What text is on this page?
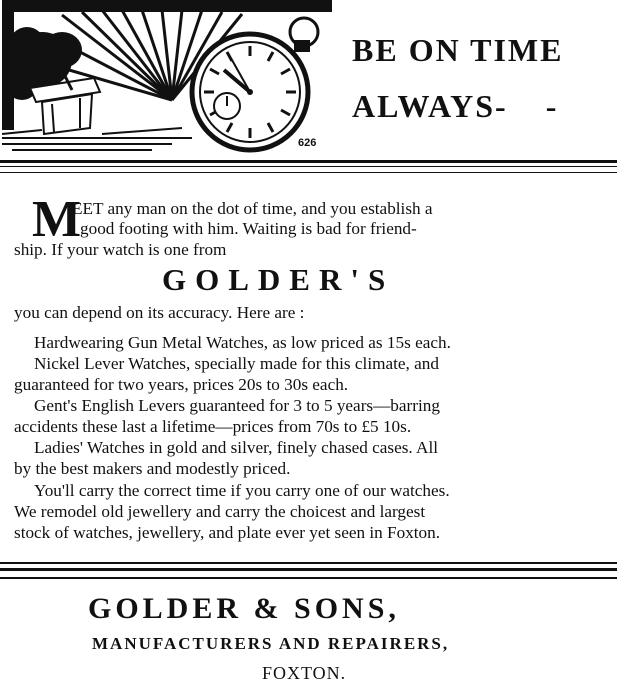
626
BE ON TIME
ALWAYS- -
M
EET any man on the dot of time, and you establish a
good footing with him. Waiting is bad for friend-
ship. If your watch is one from
GOLDER'S
you can depend on its accuracy. Here are :
Hardwearing Gun Metal Watches, as low priced as 15s each.
Nickel Lever Watches, specially made for this climate, and
guaranteed for two years, prices 20s to 30s each.
Gent's English Levers guaranteed for 3 to 5 years—barring
accidents these last a lifetime—prices from 70s to £5 10s.
Ladies' Watches in gold and silver, finely chased cases. All
by the best makers and modestly priced.
You'll carry the correct time if you carry one of our watches.
We remodel old jewellery and carry the choicest and largest
stock of watches, jewellery, and plate ever yet seen in Foxton.
GOLDER & SONS,
MANUFACTURERS AND REPAIRERS,
FOXTON.
